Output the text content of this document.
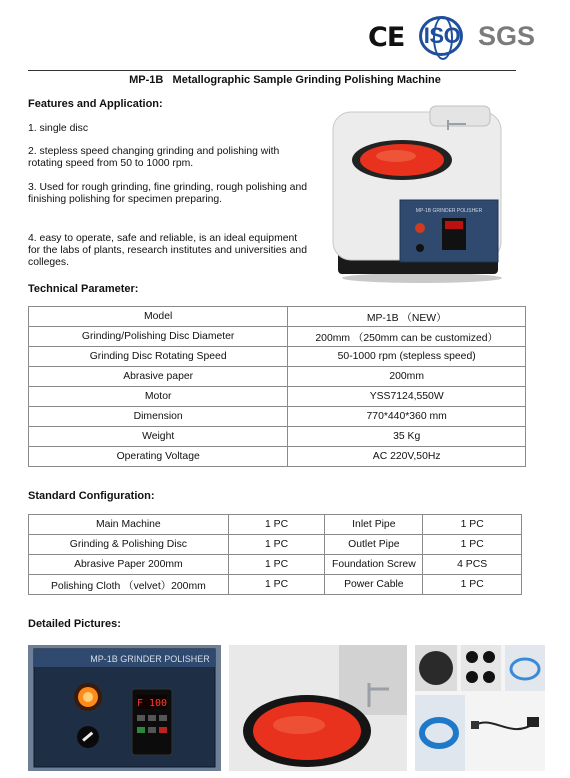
CE ISO SGS
MP-1B   Metallographic Sample Grinding Polishing Machine
Features and Application:
1. single disc
2. stepless speed changing grinding and polishing with rotating speed from 50 to 1000 rpm.
3. Used for rough grinding, fine grinding, rough polishing and finishing polishing for specimen preparing.
4. easy to operate, safe and reliable, is an ideal equipment for the labs of plants, research institutes and universities and colleges.
MP-1B GRINDER POLISHER
Technical Parameter:
Model	MP-1B （NEW）
Grinding/Polishing Disc Diameter	200mm （250mm can be customized）
Grinding Disc Rotating Speed	50-1000 rpm (stepless speed)
Abrasive paper	200mm
Motor	YSS7124,550W
Dimension	770*440*360 mm
Weight	35 Kg
Operating Voltage	AC 220V,50Hz
Standard Configuration:
Main Machine	1 PC	Inlet Pipe	1 PC
Grinding & Polishing Disc	1 PC	Outlet Pipe	1 PC
Abrasive Paper 200mm	1 PC	Foundation Screw	4 PCS
Polishing Cloth （velvet）200mm	1 PC	Power Cable	1 PC
Detailed Pictures:
MP-1B GRINDER POLISHER
F 100
